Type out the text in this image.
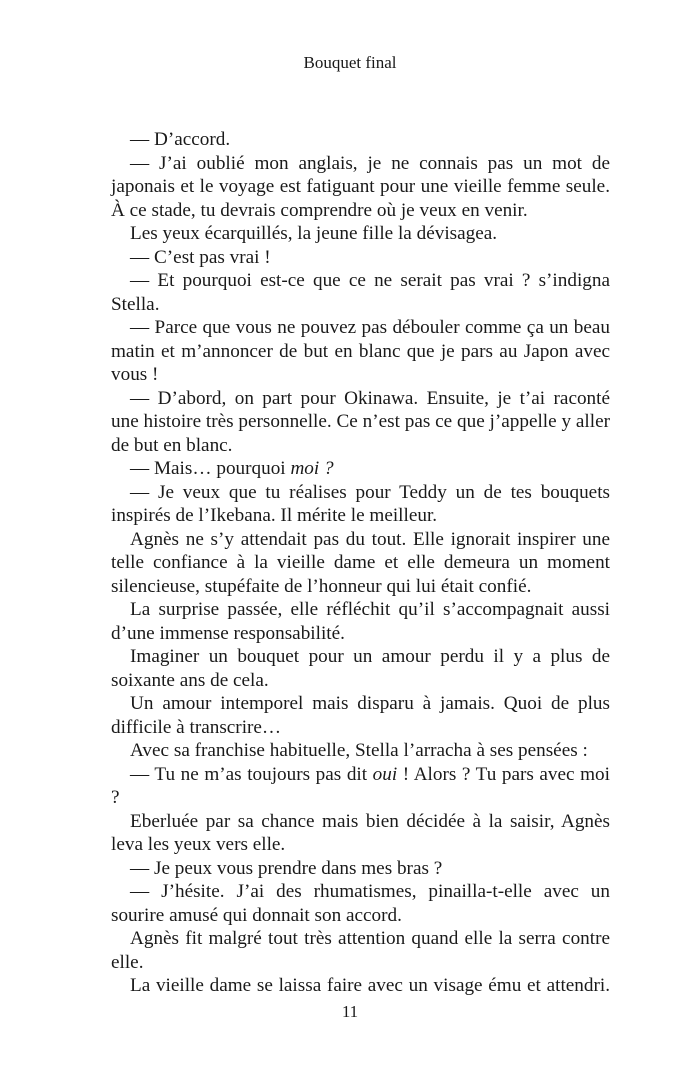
Bouquet final

— D’accord.

— J’ai oublié mon anglais, je ne connais pas un mot de japonais et le voyage est fatiguant pour une vieille femme seule. À ce stade, tu devrais comprendre où je veux en venir.

Les yeux écarquillés, la jeune fille la dévisagea.

— C’est pas vrai !

— Et pourquoi est-ce que ce ne serait pas vrai ? s’indigna Stella.

— Parce que vous ne pouvez pas débouler comme ça un beau matin et m’annoncer de but en blanc que je pars au Japon avec vous !

— D’abord, on part pour Okinawa. Ensuite, je t’ai raconté une histoire très personnelle. Ce n’est pas ce que j’appelle y aller de but en blanc.

— Mais… pourquoi moi ?

— Je veux que tu réalises pour Teddy un de tes bouquets inspirés de l’Ikebana. Il mérite le meilleur.

Agnès ne s’y attendait pas du tout. Elle ignorait inspirer une telle confiance à la vieille dame et elle demeura un moment silencieuse, stupéfaite de l’honneur qui lui était confié.

La surprise passée, elle réfléchit qu’il s’accompagnait aussi d’une immense responsabilité.

Imaginer un bouquet pour un amour perdu il y a plus de soixante ans de cela.

Un amour intemporel mais disparu à jamais. Quoi de plus difficile à transcrire…

Avec sa franchise habituelle, Stella l’arracha à ses pensées :

— Tu ne m’as toujours pas dit oui ! Alors ? Tu pars avec moi ?

Eberluée par sa chance mais bien décidée à la saisir, Agnès leva les yeux vers elle.

— Je peux vous prendre dans mes bras ?

— J’hésite. J’ai des rhumatismes, pinailla-t-elle avec un sourire amusé qui donnait son accord.

Agnès fit malgré tout très attention quand elle la serra contre elle.

La vieille dame se laissa faire avec un visage ému et attendri.

11
